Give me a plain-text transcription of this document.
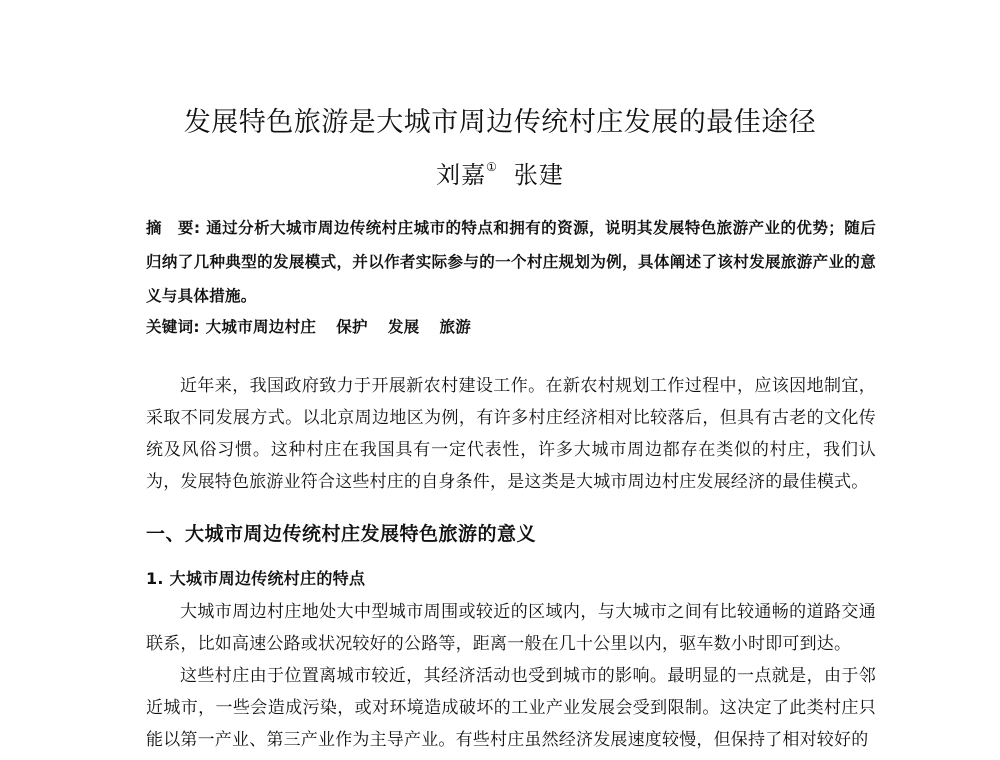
发展特色旅游是大城市周边传统村庄发展的最佳途径
刘嘉① 张建
摘　要: 通过分析大城市周边传统村庄城市的特点和拥有的资源，说明其发展特色旅游产业的优势；随后归纳了几种典型的发展模式，并以作者实际参与的一个村庄规划为例，具体阐述了该村发展旅游产业的意义与具体措施。
关键词: 大城市周边村庄 保护 发展 旅游

近年来，我国政府致力于开展新农村建设工作。在新农村规划工作过程中，应该因地制宜，采取不同发展方式。以北京周边地区为例，有许多村庄经济相对比较落后，但具有古老的文化传统及风俗习惯。这种村庄在我国具有一定代表性，许多大城市周边都存在类似的村庄，我们认为，发展特色旅游业符合这些村庄的自身条件，是这类是大城市周边村庄发展经济的最佳模式。

一、大城市周边传统村庄发展特色旅游的意义
1. 大城市周边传统村庄的特点

大城市周边村庄地处大中型城市周围或较近的区域内，与大城市之间有比较通畅的道路交通联系，比如高速公路或状况较好的公路等，距离一般在几十公里以内，驱车数小时即可到达。

这些村庄由于位置离城市较近，其经济活动也受到城市的影响。最明显的一点就是，由于邻近城市，一些会造成污染，或对环境造成破坏的工业产业发展会受到限制。这决定了此类村庄只能以第一产业、第三产业作为主导产业。有些村庄虽然经济发展速度较慢，但保持了相对较好的
